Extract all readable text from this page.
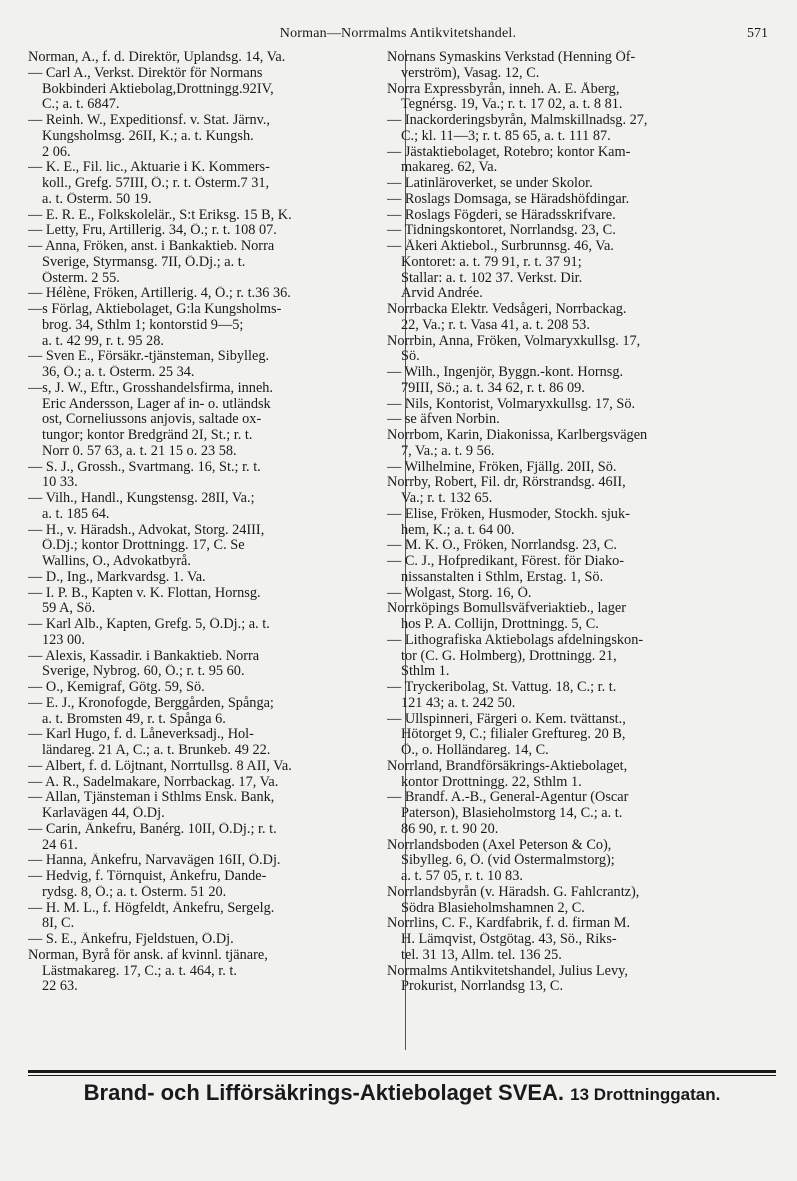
Norman—Norrmalms Antikvitetshandel.	571
Norman, A., f. d. Direktör, Uplandsg. 14, Va.
— Carl A., Verkst. Direktör för Normans
Bokbinderi Aktiebolag,Drottningg.92IV,
C.; a. t. 6847.
— Reinh. W., Expeditionsf. v. Stat. Järnv.,
Kungsholmsg. 26II, K.; a. t. Kungsh.
2 06.
— K. E., Fil. lic., Aktuarie i K. Kommers-
koll., Grefg. 57III, Ö.; r. t. Österm.7 31,
a. t. Österm. 50 19.
— E. R. E., Folkskolelär., S:t Eriksg. 15 B, K.
— Letty, Fru, Artillerig. 34, Ö.; r. t. 108 07.
— Anna, Fröken, anst. i Bankaktieb. Norra
Sverige, Styrmansg. 7II, Ö.Dj.; a. t.
Österm. 2 55.
— Hélène, Fröken, Artillerig. 4, Ö.; r. t.36 36.
—s Förlag, Aktiebolaget, G:la Kungsholms-
brog. 34, Sthlm 1; kontorstid 9—5;
a. t. 42 99, r. t. 95 28.
— Sven E., Försäkr.-tjänsteman, Sibylleg.
36, Ö.; a. t. Österm. 25 34.
—s, J. W., Eftr., Grosshandelsfirma, inneh.
Eric Andersson, Lager af in- o. utländsk
ost, Corneliussons anjovis, saltade ox-
tungor; kontor Bredgränd 2I, St.; r. t.
Norr 0. 57 63, a. t. 21 15 o. 23 58.
— S. J., Grossh., Svartmang. 16, St.; r. t.
10 33.
— Vilh., Handl., Kungstensg. 28II, Va.;
a. t. 185 64.
— H., v. Häradsh., Advokat, Storg. 24III,
Ö.Dj.; kontor Drottningg. 17, C. Se
Wallins, O., Advokatbyrå.
— D., Ing., Markvardsg. 1. Va.
— I. P. B., Kapten v. K. Flottan, Hornsg.
59 A, Sö.
— Karl Alb., Kapten, Grefg. 5, Ö.Dj.; a. t.
123 00.
— Alexis, Kassadir. i Bankaktieb. Norra
Sverige, Nybrog. 60, Ö.; r. t. 95 60.
— O., Kemigraf, Götg. 59, Sö.
— E. J., Kronofogde, Berggården, Spånga;
a. t. Bromsten 49, r. t. Spånga 6.
— Karl Hugo, f. d. Låneverksadj., Hol-
ländareg. 21 A, C.; a. t. Brunkeb. 49 22.
— Albert, f. d. Löjtnant, Norrtullsg. 8 AII, Va.
— A. R., Sadelmakare, Norrbackag. 17, Va.
— Allan, Tjänsteman i Sthlms Ensk. Bank,
Karlavägen 44, Ö.Dj.
— Carin, Änkefru, Banérg. 10II, Ö.Dj.; r. t.
24 61.
— Hanna, Änkefru, Narvavägen 16II, Ö.Dj.
— Hedvig, f. Törnquist, Änkefru, Dande-
rydsg. 8, Ö.; a. t. Österm. 51 20.
— H. M. L., f. Högfeldt, Änkefru, Sergelg.
8I, C.
— S. E., Änkefru, Fjeldstuen, Ö.Dj.
Norman, Byrå för ansk. af kvinnl. tjänare,
Lästmakareg. 17, C.; a. t. 464, r. t.
22 63.
Nornans Symaskins Verkstad (Henning Öf-
verström), Vasag. 12, C.
Norra Expressbyrån, inneh. A. E. Åberg,
Tegnérsg. 19, Va.; r. t. 17 02, a. t. 8 81.
— Inackorderingsbyrån, Malmskillnadsg. 27,
C.; kl. 11—3; r. t. 85 65, a. t. 111 87.
— Jästaktiebolaget, Rotebro; kontor Kam-
makareg. 62, Va.
— Latinläroverket, se under Skolor.
— Roslags Domsaga, se Häradshöfdingar.
— Roslags Fögderi, se Häradsskrifvare.
— Tidningskontoret, Norrlandsg. 23, C.
— Åkeri Aktiebol., Surbrunnsg. 46, Va.
Kontoret: a. t. 79 91, r. t. 37 91;
Stallar: a. t. 102 37. Verkst. Dir.
Arvid Andrée.
Norrbacka Elektr. Vedsågeri, Norrbackag.
22, Va.; r. t. Vasa 41, a. t. 208 53.
Norrbin, Anna, Fröken, Volmaryxkullsg. 17,
Sö.
— Wilh., Ingenjör, Byggn.-kont. Hornsg.
79III, Sö.; a. t. 34 62, r. t. 86 09.
— Nils, Kontorist, Volmaryxkullsg. 17, Sö.
— se äfven Norbin.
Norrbom, Karin, Diakonissa, Karlbergsvägen
7, Va.; a. t. 9 56.
— Wilhelmine, Fröken, Fjällg. 20II, Sö.
Norrby, Robert, Fil. dr, Rörstrandsg. 46II,
Va.; r. t. 132 65.
— Elise, Fröken, Husmoder, Stockh. sjuk-
hem, K.; a. t. 64 00.
— M. K. O., Fröken, Norrlandsg. 23, C.
— C. J., Hofpredikant, Förest. för Diako-
nissanstalten i Sthlm, Erstag. 1, Sö.
— Wolgast, Storg. 16, Ö.
Norrköpings Bomullsväfveriaktieb., lager
hos P. A. Collijn, Drottningg. 5, C.
— Lithografiska Aktiebolags afdelningskon-
tor (C. G. Holmberg), Drottningg. 21,
Sthlm 1.
— Tryckeribolag, St. Vattug. 18, C.; r. t.
121 43; a. t. 242 50.
— Ullspinneri, Färgeri o. Kem. tvättanst.,
Hötorget 9, C.; filialer Greftureg. 20 B,
Ö., o. Holländareg. 14, C.
Norrland, Brandförsäkrings-Aktiebolaget,
kontor Drottningg. 22, Sthlm 1.
— Brandf. A.-B., General-Agentur (Oscar
Paterson), Blasieholmstorg 14, C.; a. t.
86 90, r. t. 90 20.
Norrlandsboden (Axel Peterson & Co),
Sibylleg. 6, Ö. (vid Östermalmstorg);
a. t. 57 05, r. t. 10 83.
Norrlandsbyrån (v. Häradsh. G. Fahlcrantz),
Södra Blasieholmshamnen 2, C.
Norrlins, C. F., Kardfabrik, f. d. firman M.
H. Lämqvist, Östgötag. 43, Sö., Riks-
tel. 31 13, Allm. tel. 136 25.
Normalms Antikvitetshandel, Julius Levy,
Prokurist, Norrlandsg 13, C.
Brand- och Lifförsäkrings-Aktiebolaget SVEA. 13 Drottninggatan.
